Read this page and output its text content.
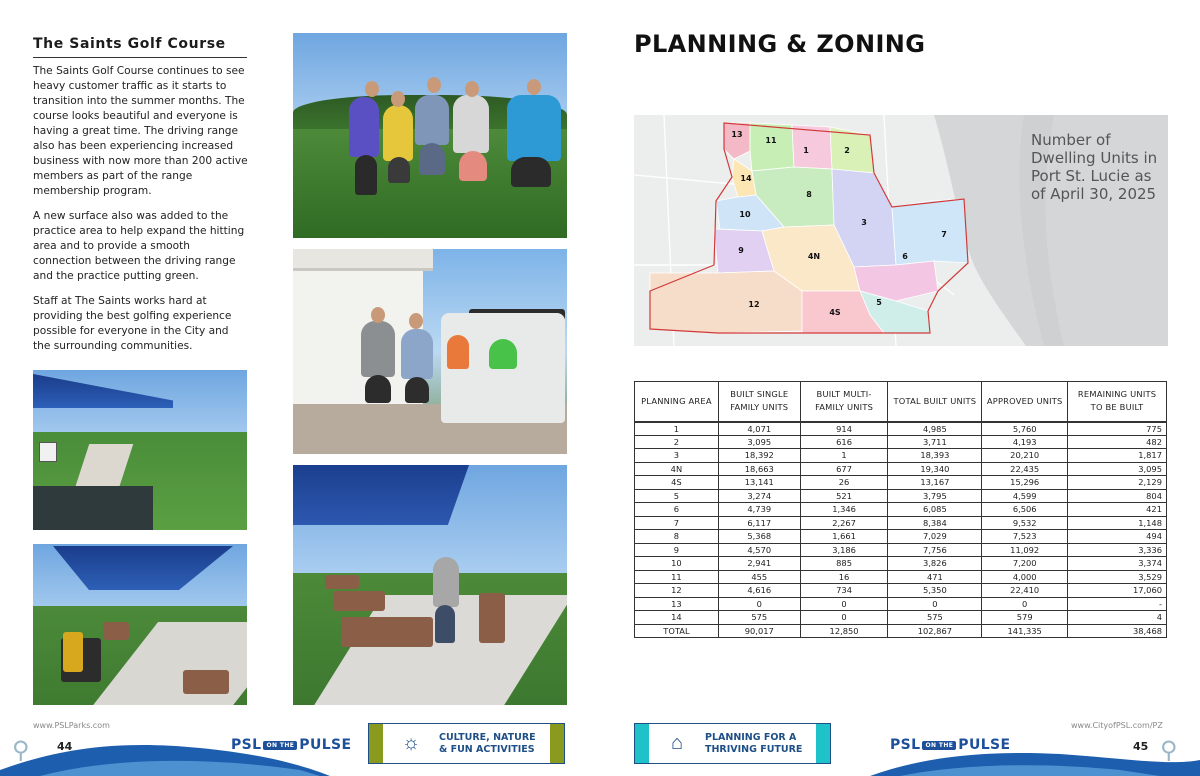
The Saints Golf Course

The Saints Golf Course continues to see heavy customer traffic as it starts to transition into the summer months. The course looks beautiful and everyone is having a great time. The driving range also has been experiencing increased business with now more than 200 active members as part of the range membership program.

A new surface also was added to the practice area to help expand the hitting area and to provide a smooth connection between the driving range and the practice putting green.

Staff at The Saints works hard at providing the best golfing experience possible for everyone in the City and the surrounding communities.

PLANNING & ZONING
13
11
1	2
14
8
10
3
7
9
4N	6
12	5
4S
Number of Dwelling Units in Port St. Lucie as of April 30, 2025
PLANNING AREA	BUILT SINGLE FAMILY UNITS	BUILT MULTI-FAMILY UNITS	TOTAL BUILT UNITS	APPROVED UNITS	REMAINING UNITS TO BE BUILT
1	4,071	914	4,985	5,760	775
2	3,095	616	3,711	4,193	482
3	18,392	1	18,393	20,210	1,817
4N	18,663	677	19,340	22,435	3,095
4S	13,141	26	13,167	15,296	2,129
5	3,274	521	3,795	4,599	804
6	4,739	1,346	6,085	6,506	421
7	6,117	2,267	8,384	9,532	1,148
8	5,368	1,661	7,029	7,523	494
9	4,570	3,186	7,756	11,092	3,336
10	2,941	885	3,826	7,200	3,374
11	455	16	471	4,000	3,529
12	4,616	734	5,350	22,410	17,060
13	0	0	0	0	-
14	575	0	575	579	4
TOTAL	90,017	12,850	102,867	141,335	38,468
www.PSLParks.com
⚲ 44	PSL ON THE PULSE	☼	CULTURE, NATURE & FUN ACTIVITIES	⌂	PLANNING FOR A THRIVING FUTURE	PSL ON THE PULSE
www.CityofPSL.com/PZ
45 ⚲
